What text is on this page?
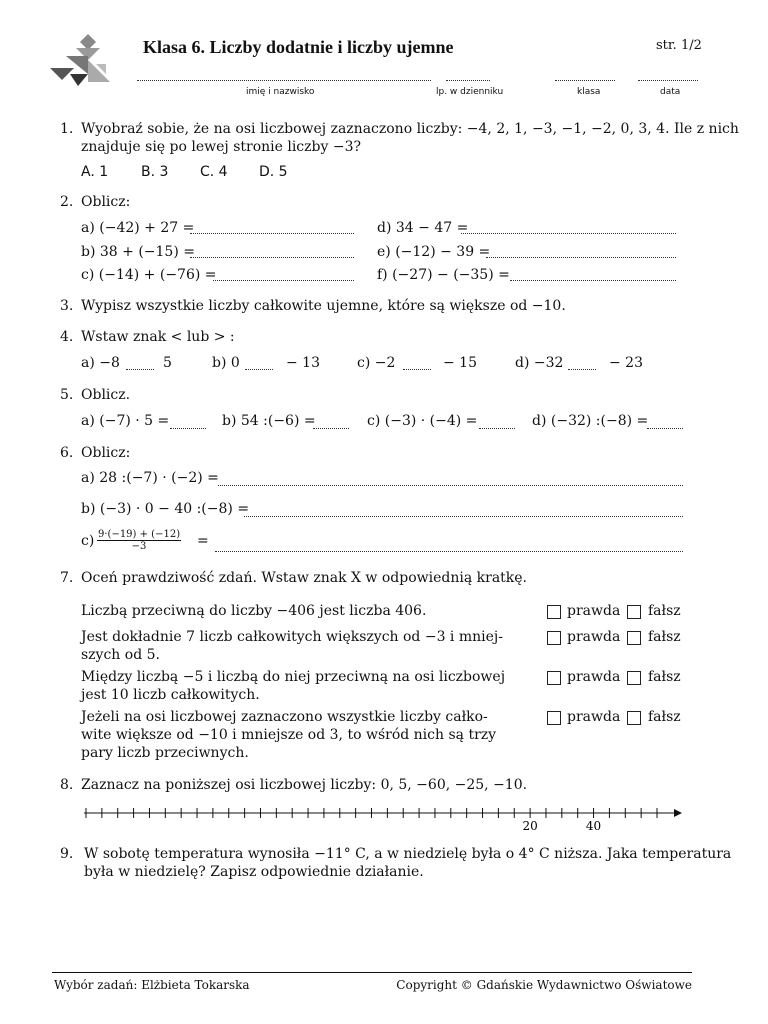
Klasa 6. Liczby dodatnie i liczby ujemne	str. 1/2
imię i nazwisko	lp. w dzienniku	klasa	data
1. Wyobraź sobie, że na osi liczbowej zaznaczono liczby: −4, 2, 1, −3, −1, −2, 0, 3, 4. Ile z nich
znajduje się po lewej stronie liczby −3?
A. 1 B. 3 C. 4 D. 5
2. Oblicz:
a) (−42) + 27 =	d) 34 − 47 =
b) 38 + (−15) =	e) (−12) − 39 =
c) (−14) + (−76) =	f) (−27) − (−35) =
3. Wypisz wszystkie liczby całkowite ujemne, które są większe od −10.
4. Wstaw znak < lub > :
a) −8	5	b) 0	− 13	c) −2	− 15	d) −32	− 23
5. Oblicz.
a) (−7) · 5 =	b) 54 :(−6) =	c) (−3) · (−4) =	d) (−32) :(−8) =
6. Oblicz:
a) 28 :(−7) · (−2) =
b) (−3) · 0 − 40 :(−8) =
$c) \frac{9\cdot(-19) + (-12)}{-3}$ =
7. Oceń prawdziwość zdań. Wstaw znak X w odpowiednią kratkę.
Liczbą przeciwną do liczby −406 jest liczba 406.
Jest dokładnie 7 liczb całkowitych większych od −3 i mniej-
szych od 5.
Między liczbą −5 i liczbą do niej przeciwną na osi liczbowej
jest 10 liczb całkowitych.
Jeżeli na osi liczbowej zaznaczono wszystkie liczby całko-
wite większe od −10 i mniejsze od 3, to wśród nich są trzy
pary liczb przeciwnych.
prawda fałsz
prawda fałsz
prawda fałsz
prawda fałsz
8. Zaznacz na poniższej osi liczbowej liczby: 0, 5, −60, −25, −10.
20	40
9. W sobotę temperatura wynosiła −11° C, a w niedzielę była o 4° C niższa. Jaka temperatura
była w niedzielę? Zapisz odpowiednie działanie.
Wybór zadań: Elżbieta Tokarska	Copyright © Gdańskie Wydawnictwo Oświatowe
